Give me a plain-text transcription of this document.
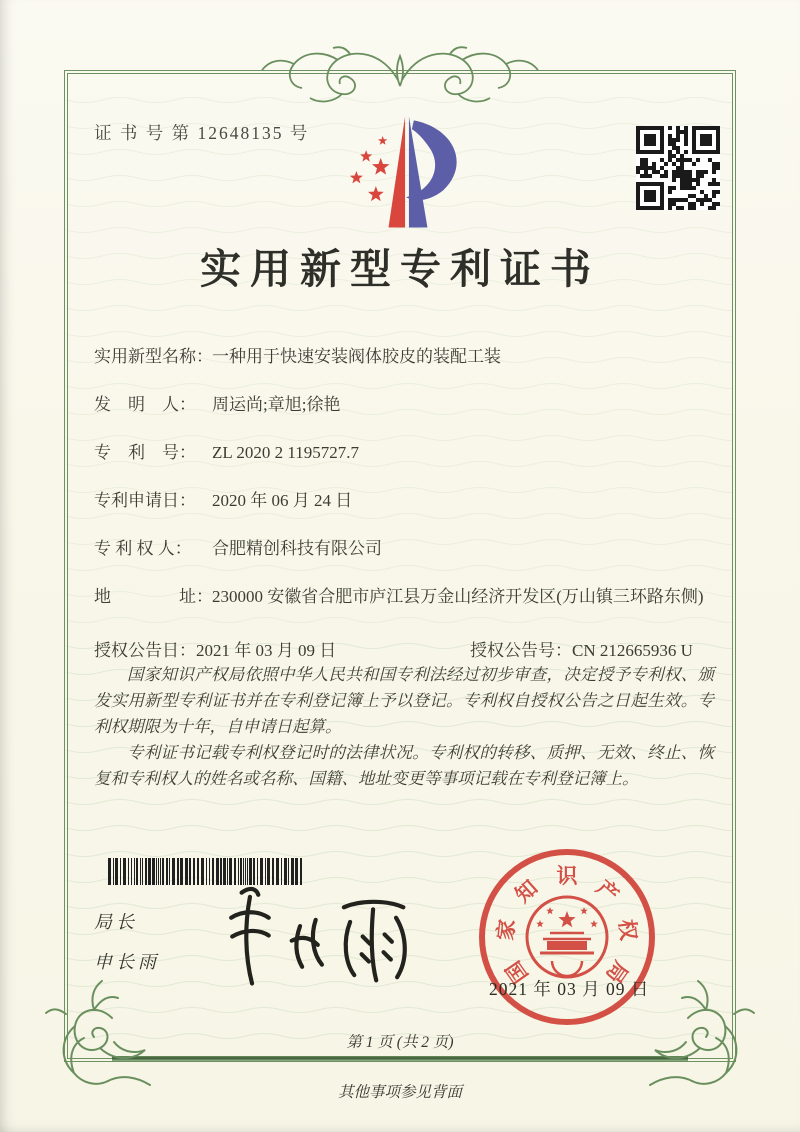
证 书 号 第 12648135 号
实用新型专利证书
实用新型名称： 一种用于快速安装阀体胶皮的装配工装
发　明　人： 周运尚;章旭;徐艳
专　利　号： ZL 2020 2 1195727.7
专利申请日： 2020 年 06 月 24 日
专 利 权 人： 合肥精创科技有限公司
地　　　　址： 230000 安徽省合肥市庐江县万金山经济开发区(万山镇三环路东侧)
授权公告日：2021 年 03 月 09 日	授权公告号：CN 212665936 U

国家知识产权局依照中华人民共和国专利法经过初步审查，决定授予专利权、颁发实用新型专利证书并在专利登记簿上予以登记。专利权自授权公告之日起生效。专利权期限为十年，自申请日起算。

专利证书记载专利权登记时的法律状况。专利权的转移、质押、无效、终止、恢复和专利权人的姓名或名称、国籍、地址变更等事项记载在专利登记簿上。

局长
申长雨	国
家
知 识 产
权
局
2021 年 03 月 09 日
第 1 页 (共 2 页)
其他事项参见背面
